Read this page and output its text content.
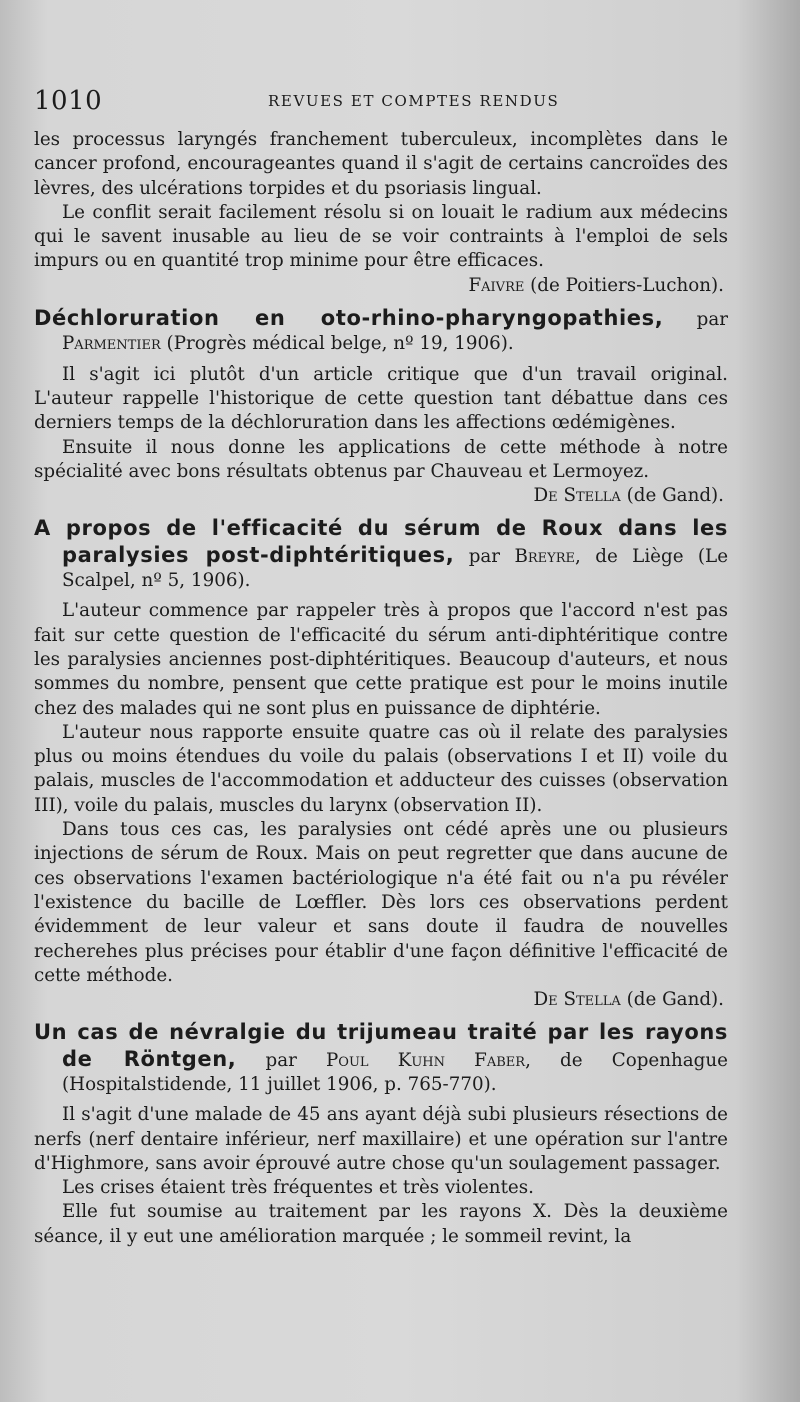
1010	REVUES ET COMPTES RENDUS

les processus laryngés franchement tuberculeux, incomplètes dans le cancer profond, encourageantes quand il s'agit de certains cancroïdes des lèvres, des ulcérations torpides et du psoriasis lingual.

Le conflit serait facilement résolu si on louait le radium aux médecins qui le savent inusable au lieu de se voir contraints à l'emploi de sels impurs ou en quantité trop minime pour être efficaces.

Faivre (de Poitiers-Luchon).

Déchloruration en oto-rhino-pharyngopathies, par Parmentier (Progrès médical belge, nº 19, 1906).

Il s'agit ici plutôt d'un article critique que d'un travail original. L'auteur rappelle l'historique de cette question tant débattue dans ces derniers temps de la déchloruration dans les affections œdémigènes.

Ensuite il nous donne les applications de cette méthode à notre spécialité avec bons résultats obtenus par Chauveau et Lermoyez.

De Stella (de Gand).

A propos de l'efficacité du sérum de Roux dans les paralysies post-diphtéritiques, par Breyre, de Liège (Le Scalpel, nº 5, 1906).

L'auteur commence par rappeler très à propos que l'accord n'est pas fait sur cette question de l'efficacité du sérum anti-diphtéritique contre les paralysies anciennes post-diphtéritiques. Beaucoup d'auteurs, et nous sommes du nombre, pensent que cette pratique est pour le moins inutile chez des malades qui ne sont plus en puissance de diphtérie.

L'auteur nous rapporte ensuite quatre cas où il relate des paralysies plus ou moins étendues du voile du palais (observations I et II) voile du palais, muscles de l'accommodation et adducteur des cuisses (observation III), voile du palais, muscles du larynx (observation II).

Dans tous ces cas, les paralysies ont cédé après une ou plusieurs injections de sérum de Roux. Mais on peut regretter que dans aucune de ces observations l'examen bactériologique n'a été fait ou n'a pu révéler l'existence du bacille de Lœffler. Dès lors ces observations perdent évidemment de leur valeur et sans doute il faudra de nouvelles recherehes plus précises pour établir d'une façon définitive l'efficacité de cette méthode.

De Stella (de Gand).

Un cas de névralgie du trijumeau traité par les rayons de Röntgen, par Poul Kuhn Faber, de Copenhague (Hospitalstidende, 11 juillet 1906, p. 765-770).

Il s'agit d'une malade de 45 ans ayant déjà subi plusieurs résections de nerfs (nerf dentaire inférieur, nerf maxillaire) et une opération sur l'antre d'Highmore, sans avoir éprouvé autre chose qu'un soulagement passager.

Les crises étaient très fréquentes et très violentes.

Elle fut soumise au traitement par les rayons X. Dès la deuxième séance, il y eut une amélioration marquée ; le sommeil revint, la
